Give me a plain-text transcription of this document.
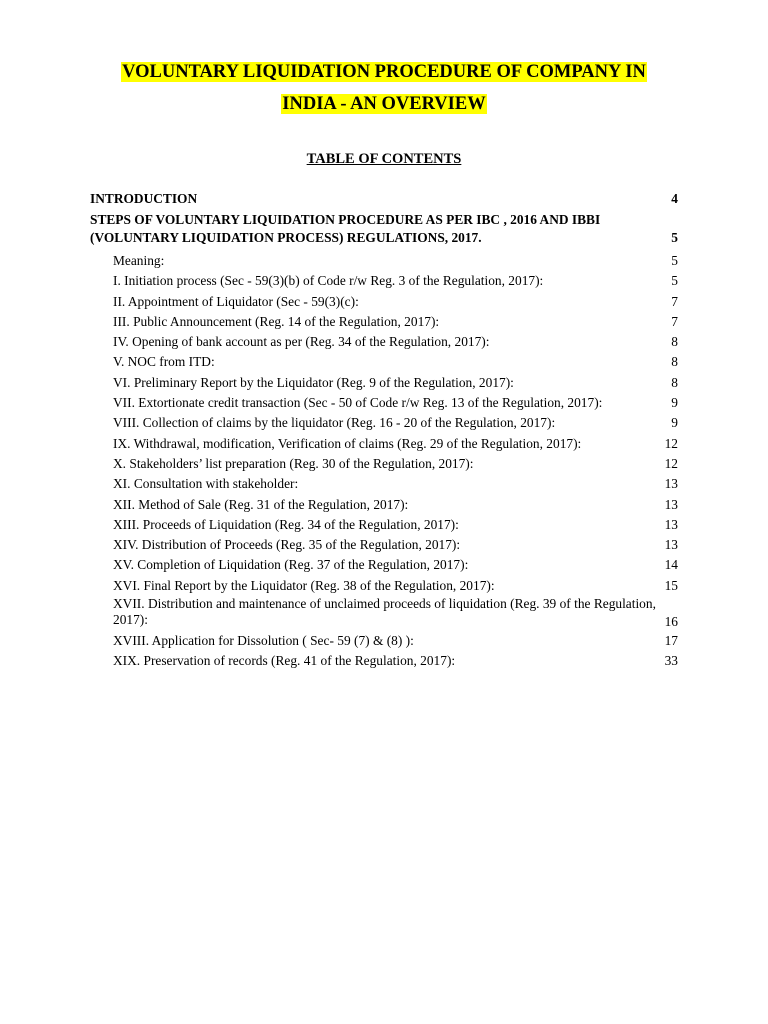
VOLUNTARY LIQUIDATION PROCEDURE OF COMPANY IN
INDIA - AN OVERVIEW
TABLE OF CONTENTS
INTRODUCTION	4
STEPS OF VOLUNTARY LIQUIDATION PROCEDURE AS PER IBC , 2016 AND IBBI (VOLUNTARY LIQUIDATION PROCESS) REGULATIONS, 2017.	5
Meaning:	5
I. Initiation process (Sec - 59(3)(b) of Code r/w Reg. 3 of the Regulation, 2017):	5
II. Appointment of Liquidator (Sec - 59(3)(c):	7
III. Public Announcement (Reg. 14 of the Regulation, 2017):	7
IV. Opening of bank account as per (Reg. 34 of the Regulation, 2017):	8
V. NOC from ITD:	8
VI. Preliminary Report by the Liquidator (Reg. 9 of the Regulation, 2017):	8
VII. Extortionate credit transaction (Sec - 50 of Code r/w Reg. 13 of the Regulation, 2017):	9
VIII. Collection of claims by the liquidator (Reg. 16 - 20 of the Regulation, 2017):	9
IX. Withdrawal, modification, Verification of claims (Reg. 29 of the Regulation, 2017):	12
X. Stakeholders’ list preparation (Reg. 30 of the Regulation, 2017):	12
XI. Consultation with stakeholder:	13
XII. Method of Sale (Reg. 31 of the Regulation, 2017):	13
XIII. Proceeds of Liquidation (Reg. 34 of the Regulation, 2017):	13
XIV. Distribution of Proceeds (Reg. 35 of the Regulation, 2017):	13
XV. Completion of Liquidation (Reg. 37 of the Regulation, 2017):	14
XVI. Final Report by the Liquidator (Reg. 38 of the Regulation, 2017):	15
XVII. Distribution and maintenance of unclaimed proceeds of liquidation (Reg. 39 of the Regulation, 2017):	16
XVIII. Application for Dissolution ( Sec- 59 (7) & (8) ):	17
XIX. Preservation of records (Reg. 41 of the Regulation, 2017):	33
